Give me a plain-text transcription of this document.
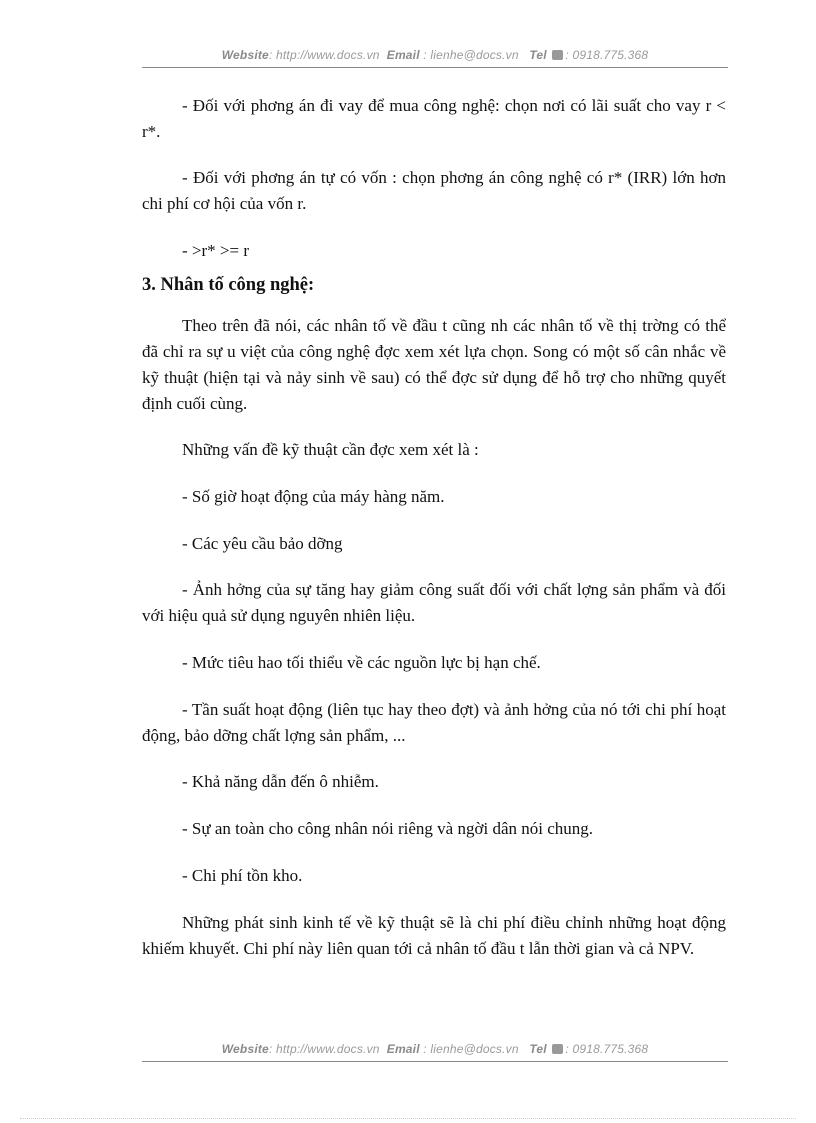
Website: http://www.docs.vn Email : lienhe@docs.vn Tel : 0918.775.368

- Đối với phơng án đi vay để mua công nghệ: chọn nơi có lãi suất cho vay r < r*.

- Đối với phơng án tự có vốn : chọn phơng án công nghệ có r* (IRR) lớn hơn chi phí cơ hội của vốn r.

- >r* >= r

3. Nhân tố công nghệ:

Theo trên đã nói, các nhân tố về đầu t cũng nh các nhân tố về thị trờng có thể đã chỉ ra sự u việt của công nghệ đợc xem xét lựa chọn. Song có một số cân nhắc về kỹ thuật (hiện tại và nảy sinh về sau) có thể đợc sử dụng để hỗ trợ cho những quyết định cuối cùng.

Những vấn đề kỹ thuật cần đợc xem xét là :

- Số giờ hoạt động của máy hàng năm.

- Các yêu cầu bảo dỡng

- Ảnh hởng của sự tăng hay giảm công suất đối với chất lợng sản phẩm và đối với hiệu quả sử dụng nguyên nhiên liệu.

- Mức tiêu hao tối thiểu về các nguồn lực bị hạn chế.

- Tần suất hoạt động (liên tục hay theo đợt) và ảnh hởng của nó tới chi phí hoạt động, bảo dỡng chất lợng sản phẩm, ...

- Khả năng dẫn đến ô nhiễm.

- Sự an toàn cho công nhân nói riêng và ngời dân nói chung.

- Chi phí tồn kho.

Những phát sinh kinh tế về kỹ thuật sẽ là chi phí điều chỉnh những hoạt động khiếm khuyết. Chi phí này liên quan tới cả nhân tố đầu t lẫn thời gian và cả NPV.

Website: http://www.docs.vn Email : lienhe@docs.vn Tel : 0918.775.368
